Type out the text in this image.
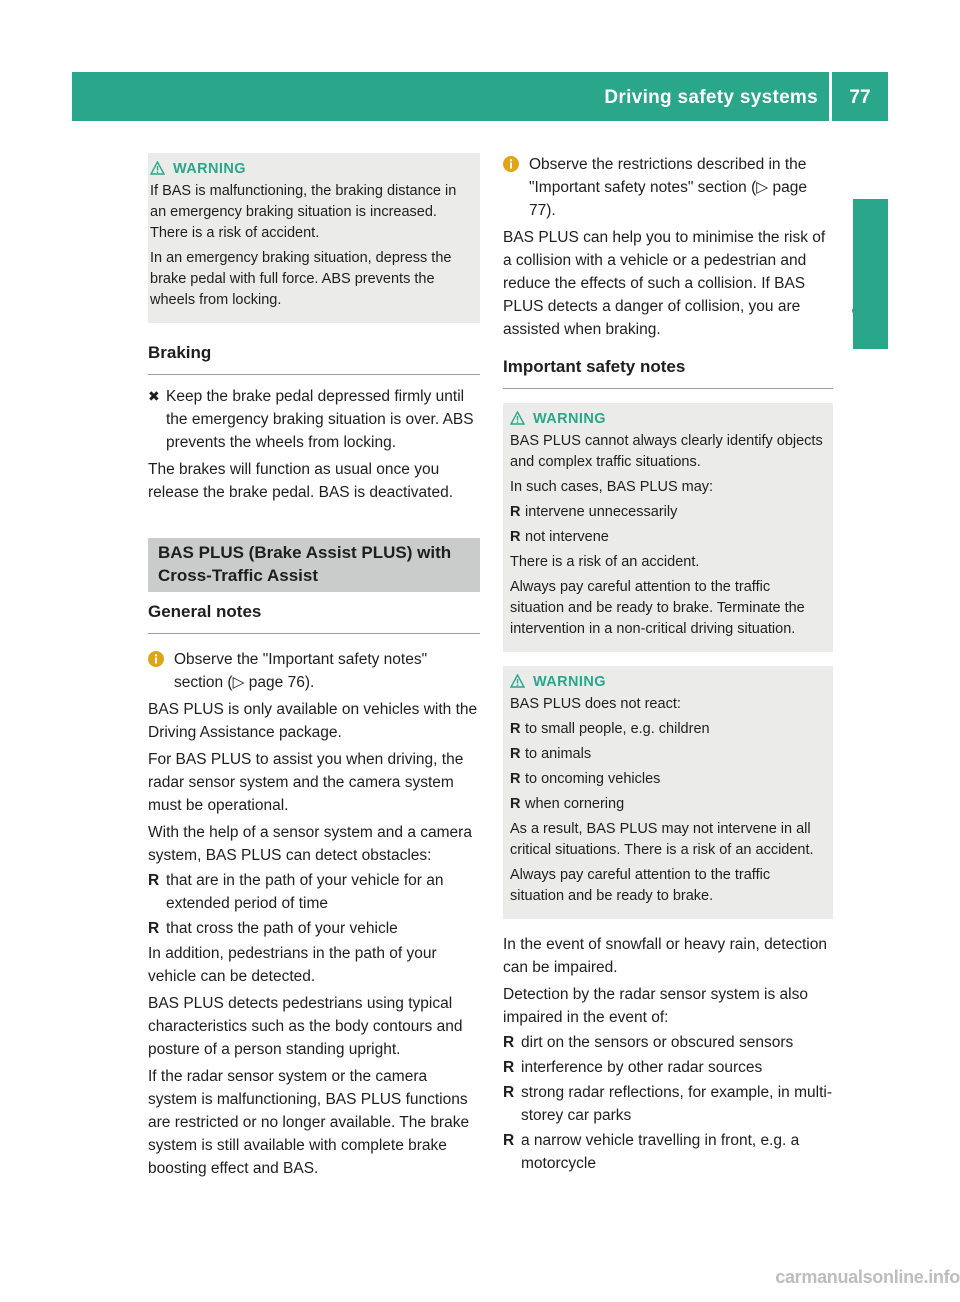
Driving safety systems	77
Safety
WARNING

If BAS is malfunctioning, the braking distance in an emergency braking situation is increased. There is a risk of accident.

In an emergency braking situation, depress the brake pedal with full force. ABS prevents the wheels from locking.

Braking
✖ Keep the brake pedal depressed firmly until the emergency braking situation is over. ABS prevents the wheels from locking.
The brakes will function as usual once you release the brake pedal. BAS is deactivated.
BAS PLUS (Brake Assist PLUS) with Cross-Traffic Assist
General notes
Observe the "Important safety notes" section (▷ page 76).
BAS PLUS is only available on vehicles with the Driving Assistance package.
For BAS PLUS to assist you when driving, the radar sensor system and the camera system must be operational.
With the help of a sensor system and a camera system, BAS PLUS can detect obstacles:
R that are in the path of your vehicle for an extended period of time
R that cross the path of your vehicle
In addition, pedestrians in the path of your vehicle can be detected.
BAS PLUS detects pedestrians using typical characteristics such as the body contours and posture of a person standing upright.
If the radar sensor system or the camera system is malfunctioning, BAS PLUS functions are restricted or no longer available. The brake system is still available with complete brake boosting effect and BAS.
Observe the restrictions described in the "Important safety notes" section (▷ page 77).
BAS PLUS can help you to minimise the risk of a collision with a vehicle or a pedestrian and reduce the effects of such a collision. If BAS PLUS detects a danger of collision, you are assisted when braking.
Important safety notes
WARNING

BAS PLUS cannot always clearly identify objects and complex traffic situations.

In such cases, BAS PLUS may:

R intervene unnecessarily
R not intervene

There is a risk of an accident.

Always pay careful attention to the traffic situation and be ready to brake. Terminate the intervention in a non-critical driving situation.

WARNING

BAS PLUS does not react:

R to small people, e.g. children
R to animals
R to oncoming vehicles
R when cornering

As a result, BAS PLUS may not intervene in all critical situations. There is a risk of an accident.

Always pay careful attention to the traffic situation and be ready to brake.

In the event of snowfall or heavy rain, detection can be impaired.
Detection by the radar sensor system is also impaired in the event of:
R dirt on the sensors or obscured sensors
R interference by other radar sources
R strong radar reflections, for example, in multi-storey car parks
R a narrow vehicle travelling in front, e.g. a motorcycle
carmanualsonline.info
